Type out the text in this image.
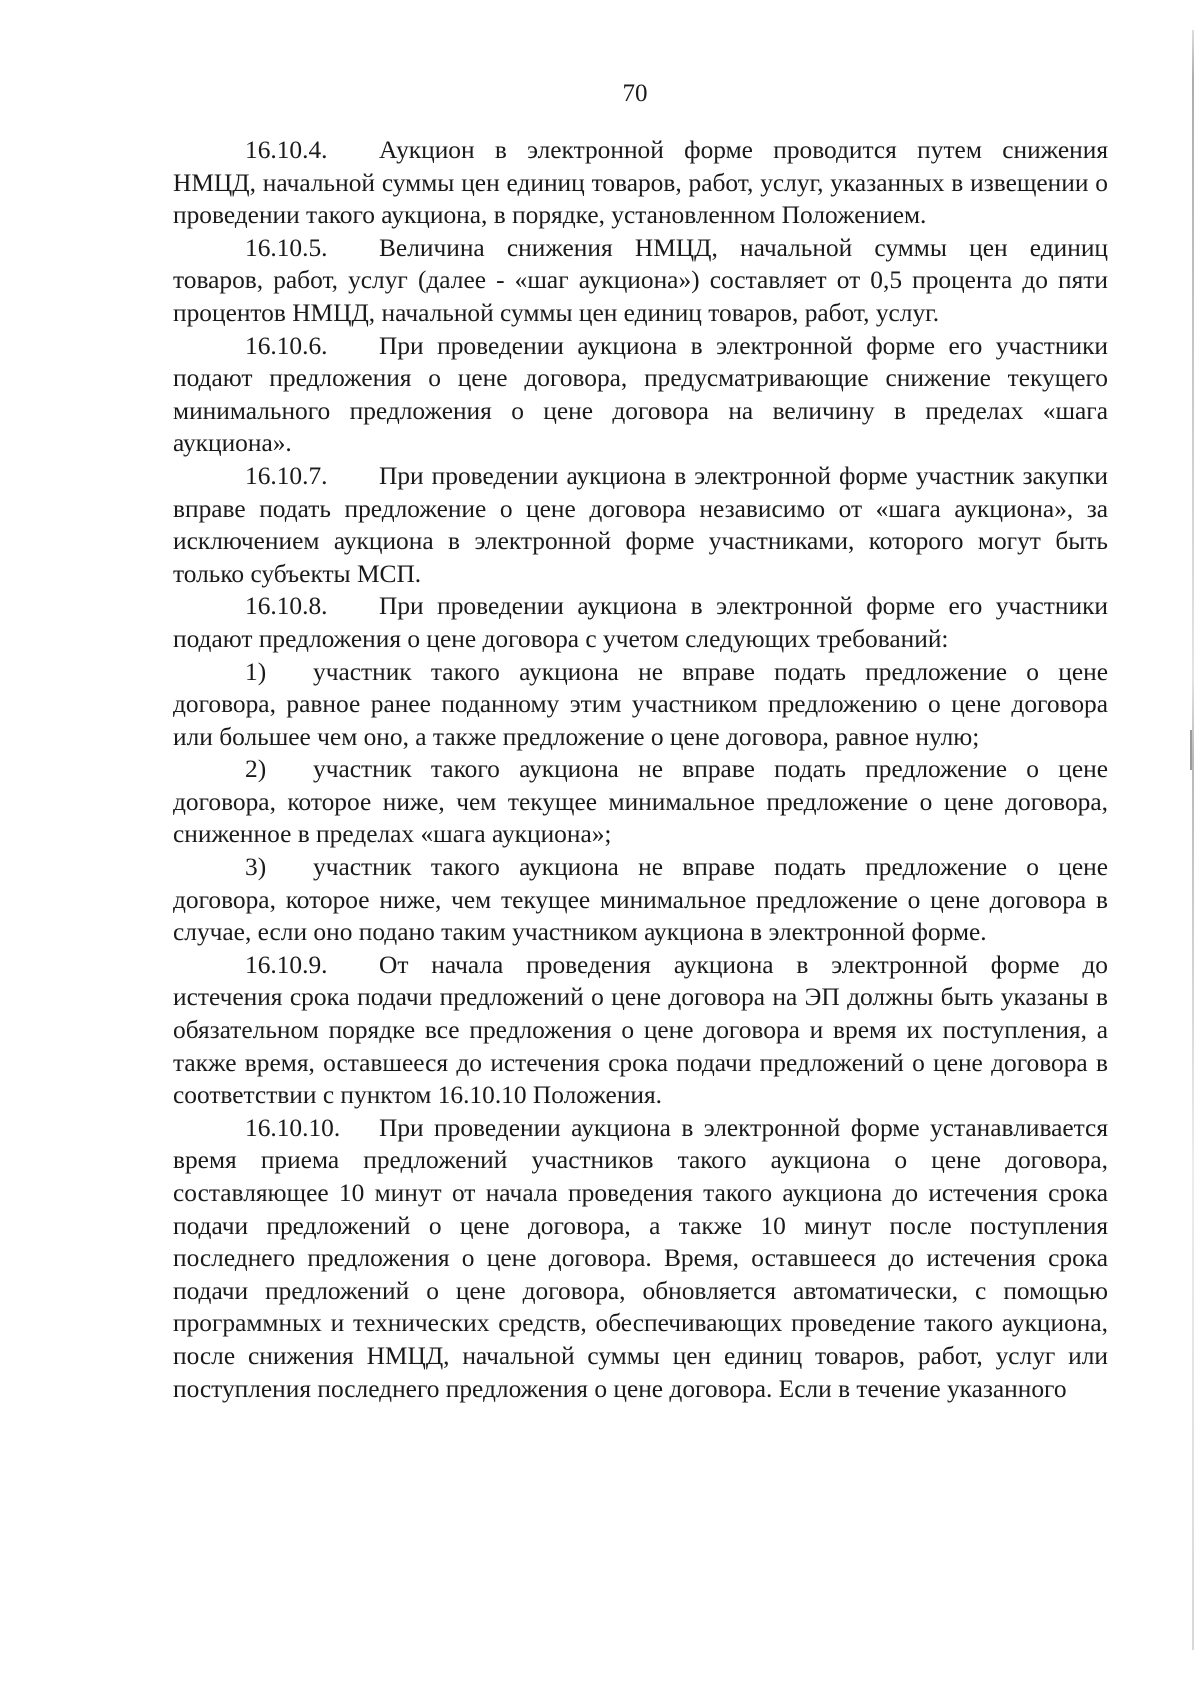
70

16.10.4. Аукцион в электронной форме проводится путем снижения НМЦД, начальной суммы цен единиц товаров, работ, услуг, указанных в извещении о проведении такого аукциона, в порядке, установленном Положением.

16.10.5. Величина снижения НМЦД, начальной суммы цен единиц товаров, работ, услуг (далее - «шаг аукциона») составляет от 0,5 процента до пяти процентов НМЦД, начальной суммы цен единиц товаров, работ, услуг.

16.10.6. При проведении аукциона в электронной форме его участники подают предложения о цене договора, предусматривающие снижение текущего минимального предложения о цене договора на величину в пределах «шага аукциона».

16.10.7. При проведении аукциона в электронной форме участник закупки вправе подать предложение о цене договора независимо от «шага аукциона», за исключением аукциона в электронной форме участниками, которого могут быть только субъекты МСП.

16.10.8. При проведении аукциона в электронной форме его участники подают предложения о цене договора с учетом следующих требований:

1) участник такого аукциона не вправе подать предложение о цене договора, равное ранее поданному этим участником предложению о цене договора или большее чем оно, а также предложение о цене договора, равное нулю;

2) участник такого аукциона не вправе подать предложение о цене договора, которое ниже, чем текущее минимальное предложение о цене договора, сниженное в пределах «шага аукциона»;

3) участник такого аукциона не вправе подать предложение о цене договора, которое ниже, чем текущее минимальное предложение о цене договора в случае, если оно подано таким участником аукциона в электронной форме.

16.10.9. От начала проведения аукциона в электронной форме до истечения срока подачи предложений о цене договора на ЭП должны быть указаны в обязательном порядке все предложения о цене договора и время их поступления, а также время, оставшееся до истечения срока подачи предложений о цене договора в соответствии с пунктом 16.10.10 Положения.

16.10.10. При проведении аукциона в электронной форме устанавливается время приема предложений участников такого аукциона о цене договора, составляющее 10 минут от начала проведения такого аукциона до истечения срока подачи предложений о цене договора, а также 10 минут после поступления последнего предложения о цене договора. Время, оставшееся до истечения срока подачи предложений о цене договора, обновляется автоматически, с помощью программных и технических средств, обеспечивающих проведение такого аукциона, после снижения НМЦД, начальной суммы цен единиц товаров, работ, услуг или поступления последнего предложения о цене договора. Если в течение указанного
